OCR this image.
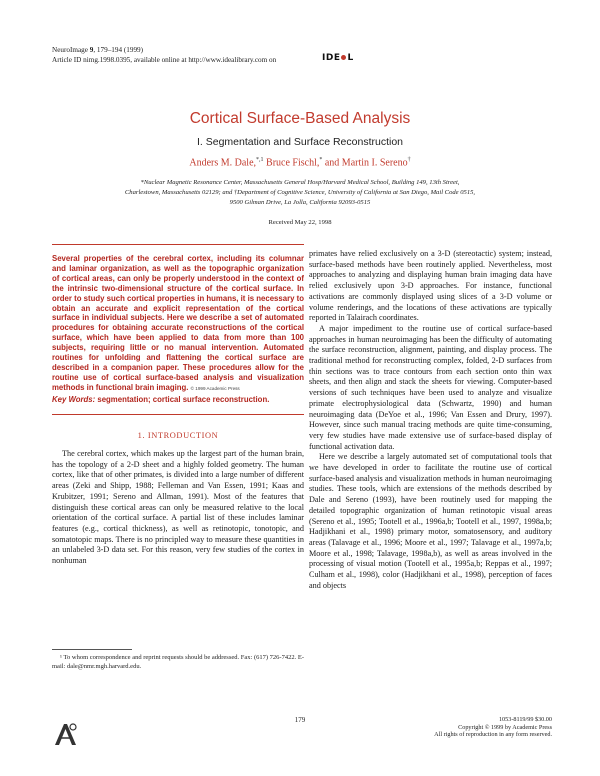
NeuroImage 9, 179–194 (1999)
Article ID nimg.1998.0395, available online at http://www.idealibrary.com on	IDE L
Cortical Surface-Based Analysis
I. Segmentation and Surface Reconstruction
Anders M. Dale,$^{*,1}$ Bruce Fischl,* and Martin I. Sereno†
*Nuclear Magnetic Resonance Center, Massachusetts General Hosp/Harvard Medical School, Building 149, 13th Street,
Charlestown, Massachusetts 02129; and †Department of Cognitive Science, University of California at San Diego, Mail Code 0515,
9500 Gilman Drive, La Jolla, California 92093-0515
Received May 22, 1998
Several properties of the cerebral cortex, including its columnar and laminar organization, as well as the topographic organization of cortical areas, can only be properly understood in the context of the intrinsic two-dimensional structure of the cortical surface. In order to study such cortical properties in humans, it is necessary to obtain an accurate and explicit representation of the cortical surface in individual subjects. Here we describe a set of automated procedures for obtaining accurate reconstructions of the cortical surface, which have been applied to data from more than 100 subjects, requiring little or no manual intervention. Automated routines for unfolding and flattening the cortical surface are described in a companion paper. These procedures allow for the routine use of cortical surface-based analysis and visualization methods in functional brain imaging. © 1999 Academic Press
Key Words: segmentation; cortical surface reconstruction.
1. INTRODUCTION
The cerebral cortex, which makes up the largest part of the human brain, has the topology of a 2-D sheet and a highly folded geometry. The human cortex, like that of other primates, is divided into a large number of different areas (Zeki and Shipp, 1988; Felleman and Van Essen, 1991; Kaas and Krubitzer, 1991; Sereno and Allman, 1991). Most of the features that distinguish these cortical areas can only be measured relative to the local orientation of the cortical surface. A partial list of these includes laminar features (e.g., cortical thickness), as well as retinotopic, tonotopic, and somatotopic maps. There is no principled way to measure these quantities in an unlabeled 3-D data set. For this reason, very few studies of the cortex in nonhuman

primates have relied exclusively on a 3-D (stereotactic) system; instead, surface-based methods have been routinely applied. Nevertheless, most approaches to analyzing and displaying human brain imaging data have relied exclusively upon 3-D approaches. For instance, functional activations are commonly displayed using slices of a 3-D volume or volume renderings, and the locations of these activations are typically reported in Talairach coordinates.

A major impediment to the routine use of cortical surface-based approaches in human neuroimaging has been the difficulty of automating the surface reconstruction, alignment, painting, and display process. The traditional method for reconstructing complex, folded, 2-D surfaces from thin sections was to trace contours from each section onto thin wax sheets, and then align and stack the sheets for viewing. Computer-based versions of such techniques have been used to analyze and visualize primate electrophysiological data (Schwartz, 1990) and human neuroimaging data (DeYoe et al., 1996; Van Essen and Drury, 1997). However, since such manual tracing methods are quite time-consuming, very few studies have made extensive use of surface-based display of functional activation data.

Here we describe a largely automated set of computational tools that we have developed in order to facilitate the routine use of cortical surface-based analysis and visualization methods in human neuroimaging studies. These tools, which are extensions of the methods described by Dale and Sereno (1993), have been routinely used for mapping the detailed topographic organization of human retinotopic visual areas (Sereno et al., 1995; Tootell et al., 1996a,b; Tootell et al., 1997, 1998a,b; Hadjikhani et al., 1998) primary motor, somatosensory, and auditory areas (Talavage et al., 1996; Moore et al., 1997; Talavage et al., 1997a,b; Moore et al., 1998; Talavage, 1998a,b), as well as areas involved in the processing of visual motion (Tootell et al., 1995a,b; Reppas et al., 1997; Culham et al., 1998), color (Hadjikhani et al., 1998), perception of faces and objects

¹ To whom correspondence and reprint requests should be addressed. Fax: (617) 726-7422. E-mail: dale@nmr.mgh.harvard.edu.
179	1053-8119/99 $30.00
Copyright © 1999 by Academic Press
All rights of reproduction in any form reserved.
